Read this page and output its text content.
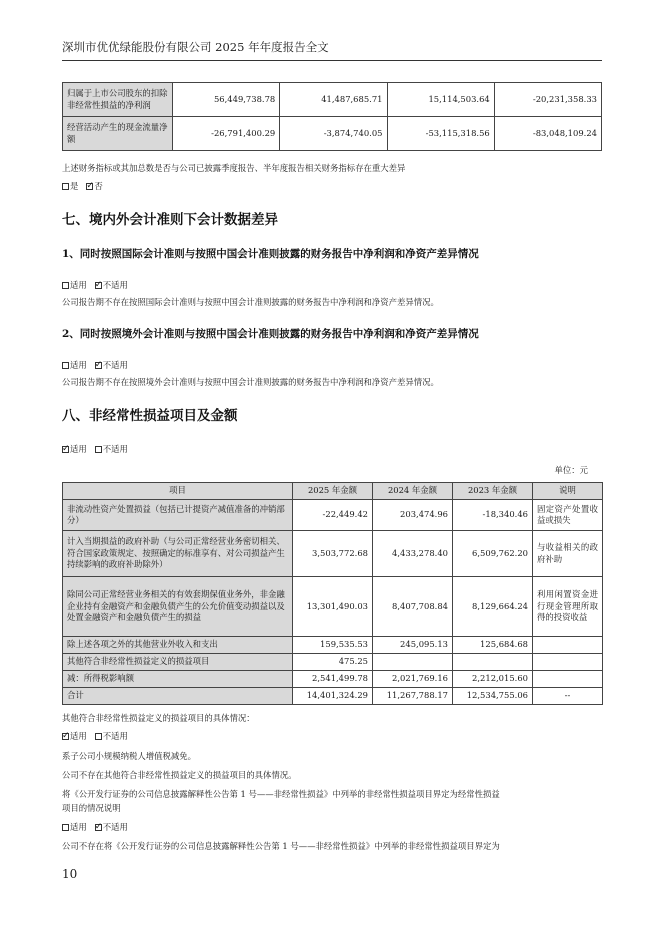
深圳市优优绿能股份有限公司 2025 年年度报告全文
归属于上市公司股东的扣除非经常性损益的净利润	56,449,738.78	41,487,685.71	15,114,503.64	-20,231,358.33
经营活动产生的现金流量净额	-26,791,400.29	-3,874,740.05	-53,115,318.56	-83,048,109.24
上述财务指标或其加总数是否与公司已披露季度报告、半年度报告相关财务指标存在重大差异
是 ✓ 否
七、境内外会计准则下会计数据差异
1、同时按照国际会计准则与按照中国会计准则披露的财务报告中净利润和净资产差异情况
适用 ✓ 不适用
公司报告期不存在按照国际会计准则与按照中国会计准则披露的财务报告中净利润和净资产差异情况。
2、同时按照境外会计准则与按照中国会计准则披露的财务报告中净利润和净资产差异情况
适用 ✓ 不适用
公司报告期不存在按照境外会计准则与按照中国会计准则披露的财务报告中净利润和净资产差异情况。
八、非经常性损益项目及金额
✓适用 不适用
单位：元
项目	2025 年金额	2024 年金额	2023 年金额	说明
非流动性资产处置损益（包括已计提资产减值准备的冲销部分）	-22,449.42	203,474.96	-18,340.46	固定资产处置收益或损失
计入当期损益的政府补助（与公司正常经营业务密切相关、符合国家政策规定、按照确定的标准享有、对公司损益产生持续影响的政府补助除外）	3,503,772.68	4,433,278.40	6,509,762.20	与收益相关的政府补助
除同公司正常经营业务相关的有效套期保值业务外，非金融企业持有金融资产和金融负债产生的公允价值变动损益以及处置金融资产和金融负债产生的损益	13,301,490.03	8,407,708.84	8,129,664.24	利用闲置资金进行现金管理所取得的投资收益
除上述各项之外的其他营业外收入和支出	159,535.53	245,095.13	125,684.68	
其他符合非经常性损益定义的损益项目	475.25			
减：所得税影响额	2,541,499.78	2,021,769.16	2,212,015.60	
合计	14,401,324.29	11,267,788.17	12,534,755.06	--
其他符合非经常性损益定义的损益项目的具体情况：
✓适用 不适用
系子公司小规模纳税人增值税减免。
公司不存在其他符合非经常性损益定义的损益项目的具体情况。
将《公开发行证券的公司信息披露解释性公告第 1 号——非经常性损益》中列举的非经常性损益项目界定为经常性损益
项目的情况说明
适用 ✓ 不适用
公司不存在将《公开发行证券的公司信息披露解释性公告第 1 号——非经常性损益》中列举的非经常性损益项目界定为
10
